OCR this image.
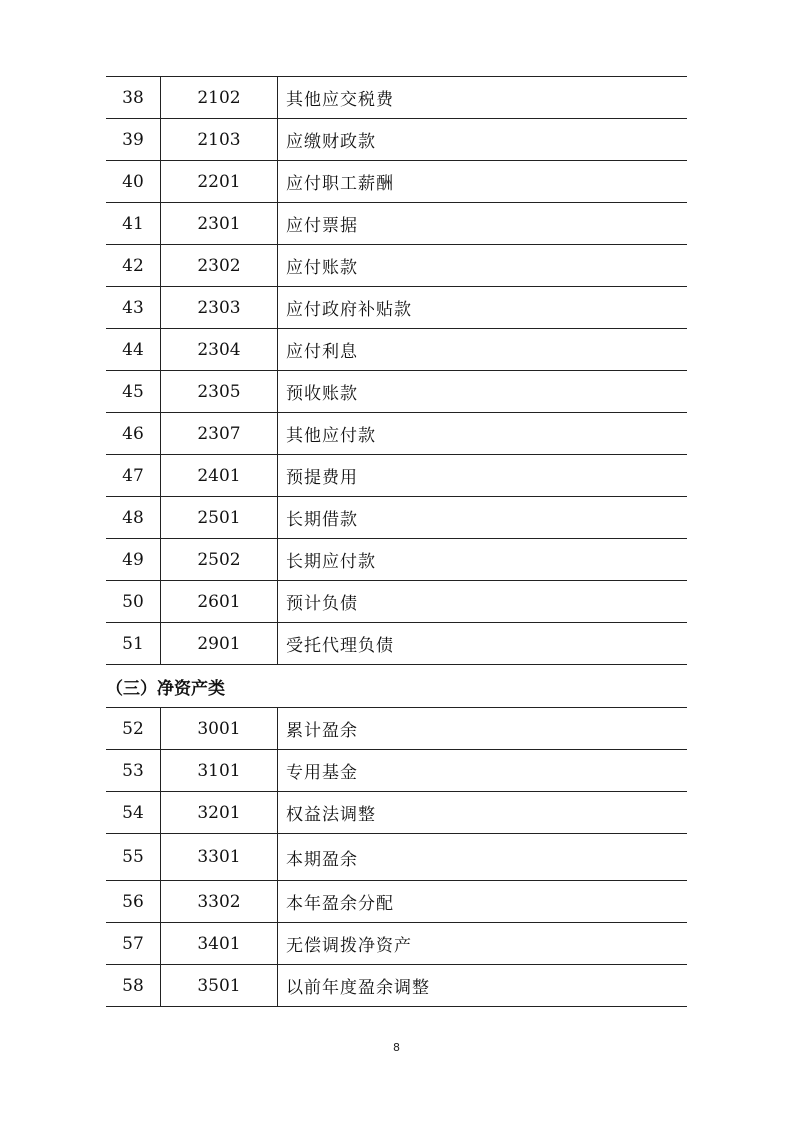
38	2102	其他应交税费
39	2103	应缴财政款
40	2201	应付职工薪酬
41	2301	应付票据
42	2302	应付账款
43	2303	应付政府补贴款
44	2304	应付利息
45	2305	预收账款
46	2307	其他应付款
47	2401	预提费用
48	2501	长期借款
49	2502	长期应付款
50	2601	预计负债
51	2901	受托代理负债
（三）净资产类
52	3001	累计盈余
53	3101	专用基金
54	3201	权益法调整
55	3301	本期盈余
56	3302	本年盈余分配
57	3401	无偿调拨净资产
58	3501	以前年度盈余调整
8
